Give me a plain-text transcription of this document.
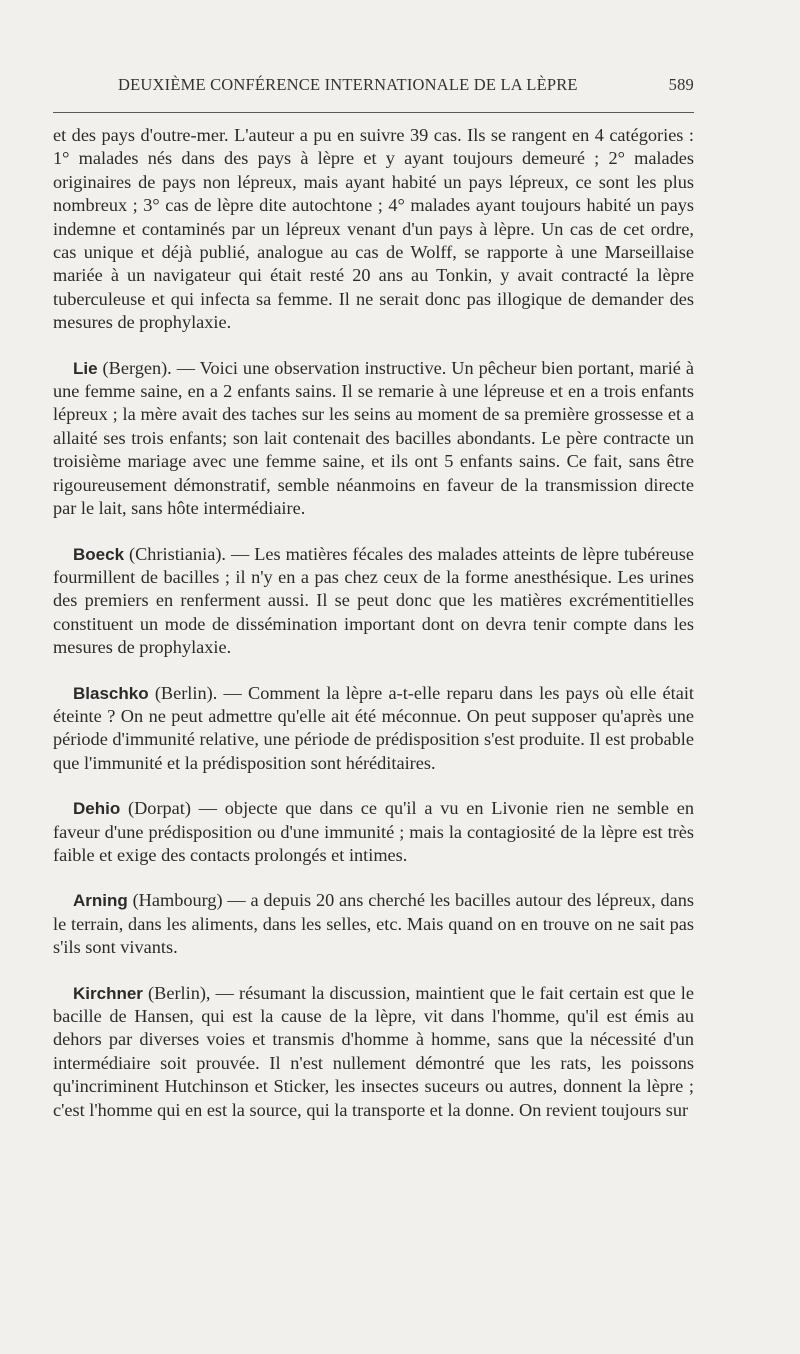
DEUXIÈME CONFÉRENCE INTERNATIONALE DE LA LÈPRE	589

et des pays d'outre-mer. L'auteur a pu en suivre 39 cas. Ils se rangent en 4 catégories : 1° malades nés dans des pays à lèpre et y ayant toujours demeuré ; 2° malades originaires de pays non lépreux, mais ayant habité un pays lépreux, ce sont les plus nombreux ; 3° cas de lèpre dite autochtone ; 4° malades ayant toujours habité un pays indemne et contaminés par un lépreux venant d'un pays à lèpre. Un cas de cet ordre, cas unique et déjà publié, analogue au cas de Wolff, se rapporte à une Marseillaise mariée à un navigateur qui était resté 20 ans au Tonkin, y avait contracté la lèpre tuberculeuse et qui infecta sa femme. Il ne serait donc pas illogique de demander des mesures de prophylaxie.

Lie (Bergen). — Voici une observation instructive. Un pêcheur bien portant, marié à une femme saine, en a 2 enfants sains. Il se remarie à une lépreuse et en a trois enfants lépreux ; la mère avait des taches sur les seins au moment de sa première grossesse et a allaité ses trois enfants; son lait contenait des bacilles abondants. Le père contracte un troisième mariage avec une femme saine, et ils ont 5 enfants sains. Ce fait, sans être rigoureusement démonstratif, semble néanmoins en faveur de la transmission directe par le lait, sans hôte intermédiaire.

Boeck (Christiania). — Les matières fécales des malades atteints de lèpre tubéreuse fourmillent de bacilles ; il n'y en a pas chez ceux de la forme anesthésique. Les urines des premiers en renferment aussi. Il se peut donc que les matières excrémentitielles constituent un mode de dissémination important dont on devra tenir compte dans les mesures de prophylaxie.

Blaschko (Berlin). — Comment la lèpre a-t-elle reparu dans les pays où elle était éteinte ? On ne peut admettre qu'elle ait été méconnue. On peut supposer qu'après une période d'immunité relative, une période de prédisposition s'est produite. Il est probable que l'immunité et la prédisposition sont héréditaires.

Dehio (Dorpat) — objecte que dans ce qu'il a vu en Livonie rien ne semble en faveur d'une prédisposition ou d'une immunité ; mais la contagiosité de la lèpre est très faible et exige des contacts prolongés et intimes.

Arning (Hambourg) — a depuis 20 ans cherché les bacilles autour des lépreux, dans le terrain, dans les aliments, dans les selles, etc. Mais quand on en trouve on ne sait pas s'ils sont vivants.

Kirchner (Berlin), — résumant la discussion, maintient que le fait certain est que le bacille de Hansen, qui est la cause de la lèpre, vit dans l'homme, qu'il est émis au dehors par diverses voies et transmis d'homme à homme, sans que la nécessité d'un intermédiaire soit prouvée. Il n'est nullement démontré que les rats, les poissons qu'incriminent Hutchinson et Sticker, les insectes suceurs ou autres, donnent la lèpre ; c'est l'homme qui en est la source, qui la transporte et la donne. On revient toujours sur
